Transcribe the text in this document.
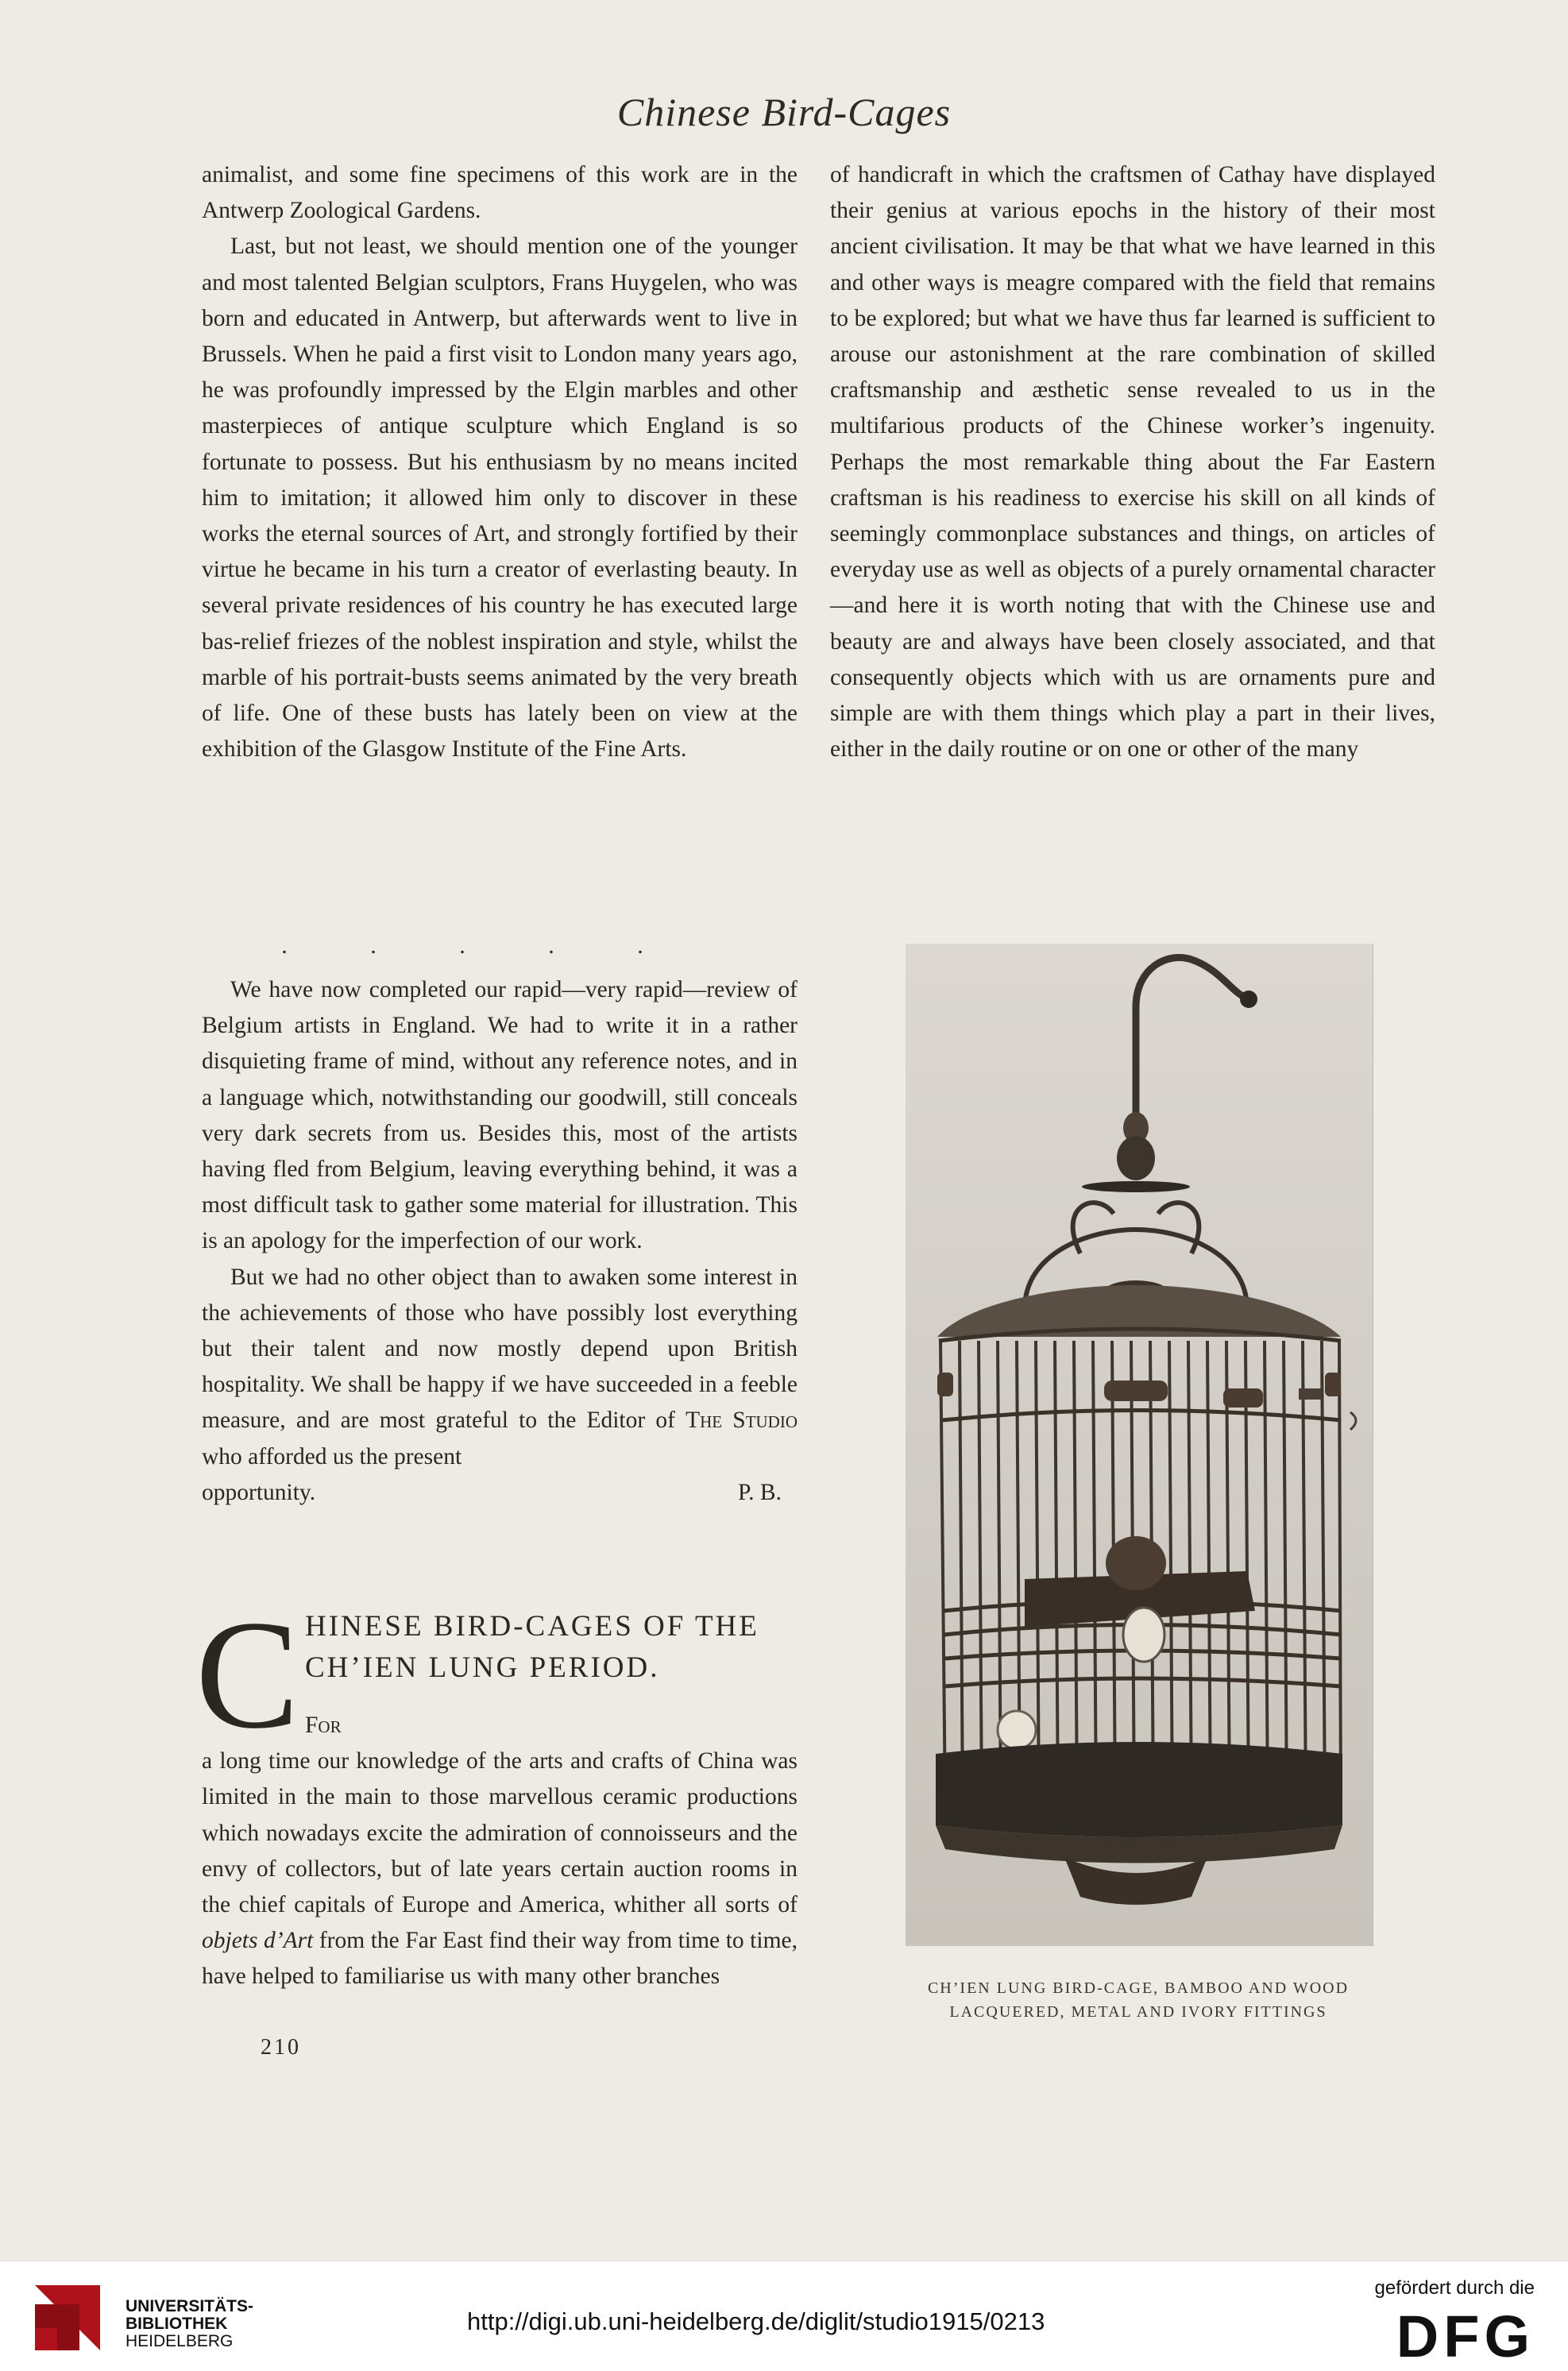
Chinese Bird-Cages

animalist, and some fine specimens of this work are in the Antwerp Zoological Gardens.

Last, but not least, we should mention one of the younger and most talented Belgian sculptors, Frans Huygelen, who was born and educated in Antwerp, but afterwards went to live in Brussels. When he paid a first visit to London many years ago, he was profoundly impressed by the Elgin marbles and other masterpieces of antique sculpture which England is so fortunate to possess. But his enthusiasm by no means incited him to imitation; it allowed him only to discover in these works the eternal sources of Art, and strongly fortified by their virtue he became in his turn a creator of everlasting beauty. In several private residences of his country he has executed large bas-relief friezes of the noblest inspiration and style, whilst the marble of his portrait-busts seems animated by the very breath of life. One of these busts has lately been on view at the exhibition of the Glasgow Institute of the Fine Arts.

of handicraft in which the craftsmen of Cathay have displayed their genius at various epochs in the history of their most ancient civilisation. It may be that what we have learned in this and other ways is meagre compared with the field that remains to be explored; but what we have thus far learned is sufficient to arouse our astonishment at the rare combination of skilled craftsmanship and æsthetic sense revealed to us in the multifarious products of the Chinese worker’s ingenuity. Perhaps the most remarkable thing about the Far Eastern craftsman is his readiness to exercise his skill on all kinds of seemingly commonplace substances and things, on articles of everyday use as well as objects of a purely ornamental character—and here it is worth noting that with the Chinese use and beauty are and always have been closely associated, and that consequently objects which with us are ornaments pure and simple are with them things which play a part in their lives, either in the daily routine or on one or other of the many

.	.	.	.	.

We have now completed our rapid—very rapid—review of Belgium artists in England. We had to write it in a rather disquieting frame of mind, without any reference notes, and in a language which, notwithstanding our goodwill, still conceals very dark secrets from us. Besides this, most of the artists having fled from Belgium, leaving everything behind, it was a most difficult task to gather some material for illustration. This is an apology for the imperfection of our work.

But we had no other object than to awaken some interest in the achievements of those who have possibly lost everything but their talent and now mostly depend upon British hospitality. We shall be happy if we have succeeded in a feeble measure, and are most grateful to the Editor of The Studio who afforded us the present

opportunity.	P. B.
C HINESE BIRD-CAGES OF THE
CH’IEN LUNG PERIOD.

For
a long time our knowledge of the arts and crafts of China was limited in the main to those marvellous ceramic productions which nowadays excite the admiration of connoisseurs and the envy of collectors, but of late years certain auction rooms in the chief capitals of Europe and America, whither all sorts of objets d’Art from the Far East find their way from time to time, have helped to familiarise us with many other branches

210
CH’IEN LUNG BIRD-CAGE, BAMBOO AND WOOD
LACQUERED, METAL AND IVORY FITTINGS
UNIVERSITÄTS-
BIBLIOTHEK
HEIDELBERG
http://digi.ub.uni-heidelberg.de/diglit/studio1915/0213
gefördert durch die
DFG
